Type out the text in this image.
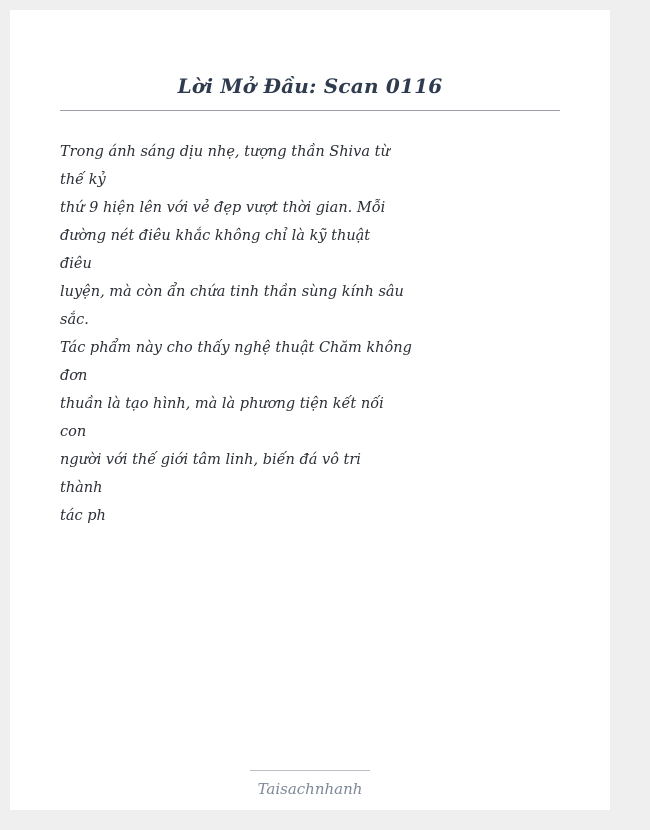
Lời Mở Đầu: Scan 0116
Trong ánh sáng dịu nhẹ, tượng thần Shiva từ
thế kỷ
thứ 9 hiện lên với vẻ đẹp vượt thời gian. Mỗi
đường nét điêu khắc không chỉ là kỹ thuật
điêu
luyện, mà còn ẩn chứa tinh thần sùng kính sâu
sắc.
Tác phẩm này cho thấy nghệ thuật Chăm không
đơn
thuần là tạo hình, mà là phương tiện kết nối
con
người với thế giới tâm linh, biến đá vô tri
thành
tác ph
Taisachnhanh
